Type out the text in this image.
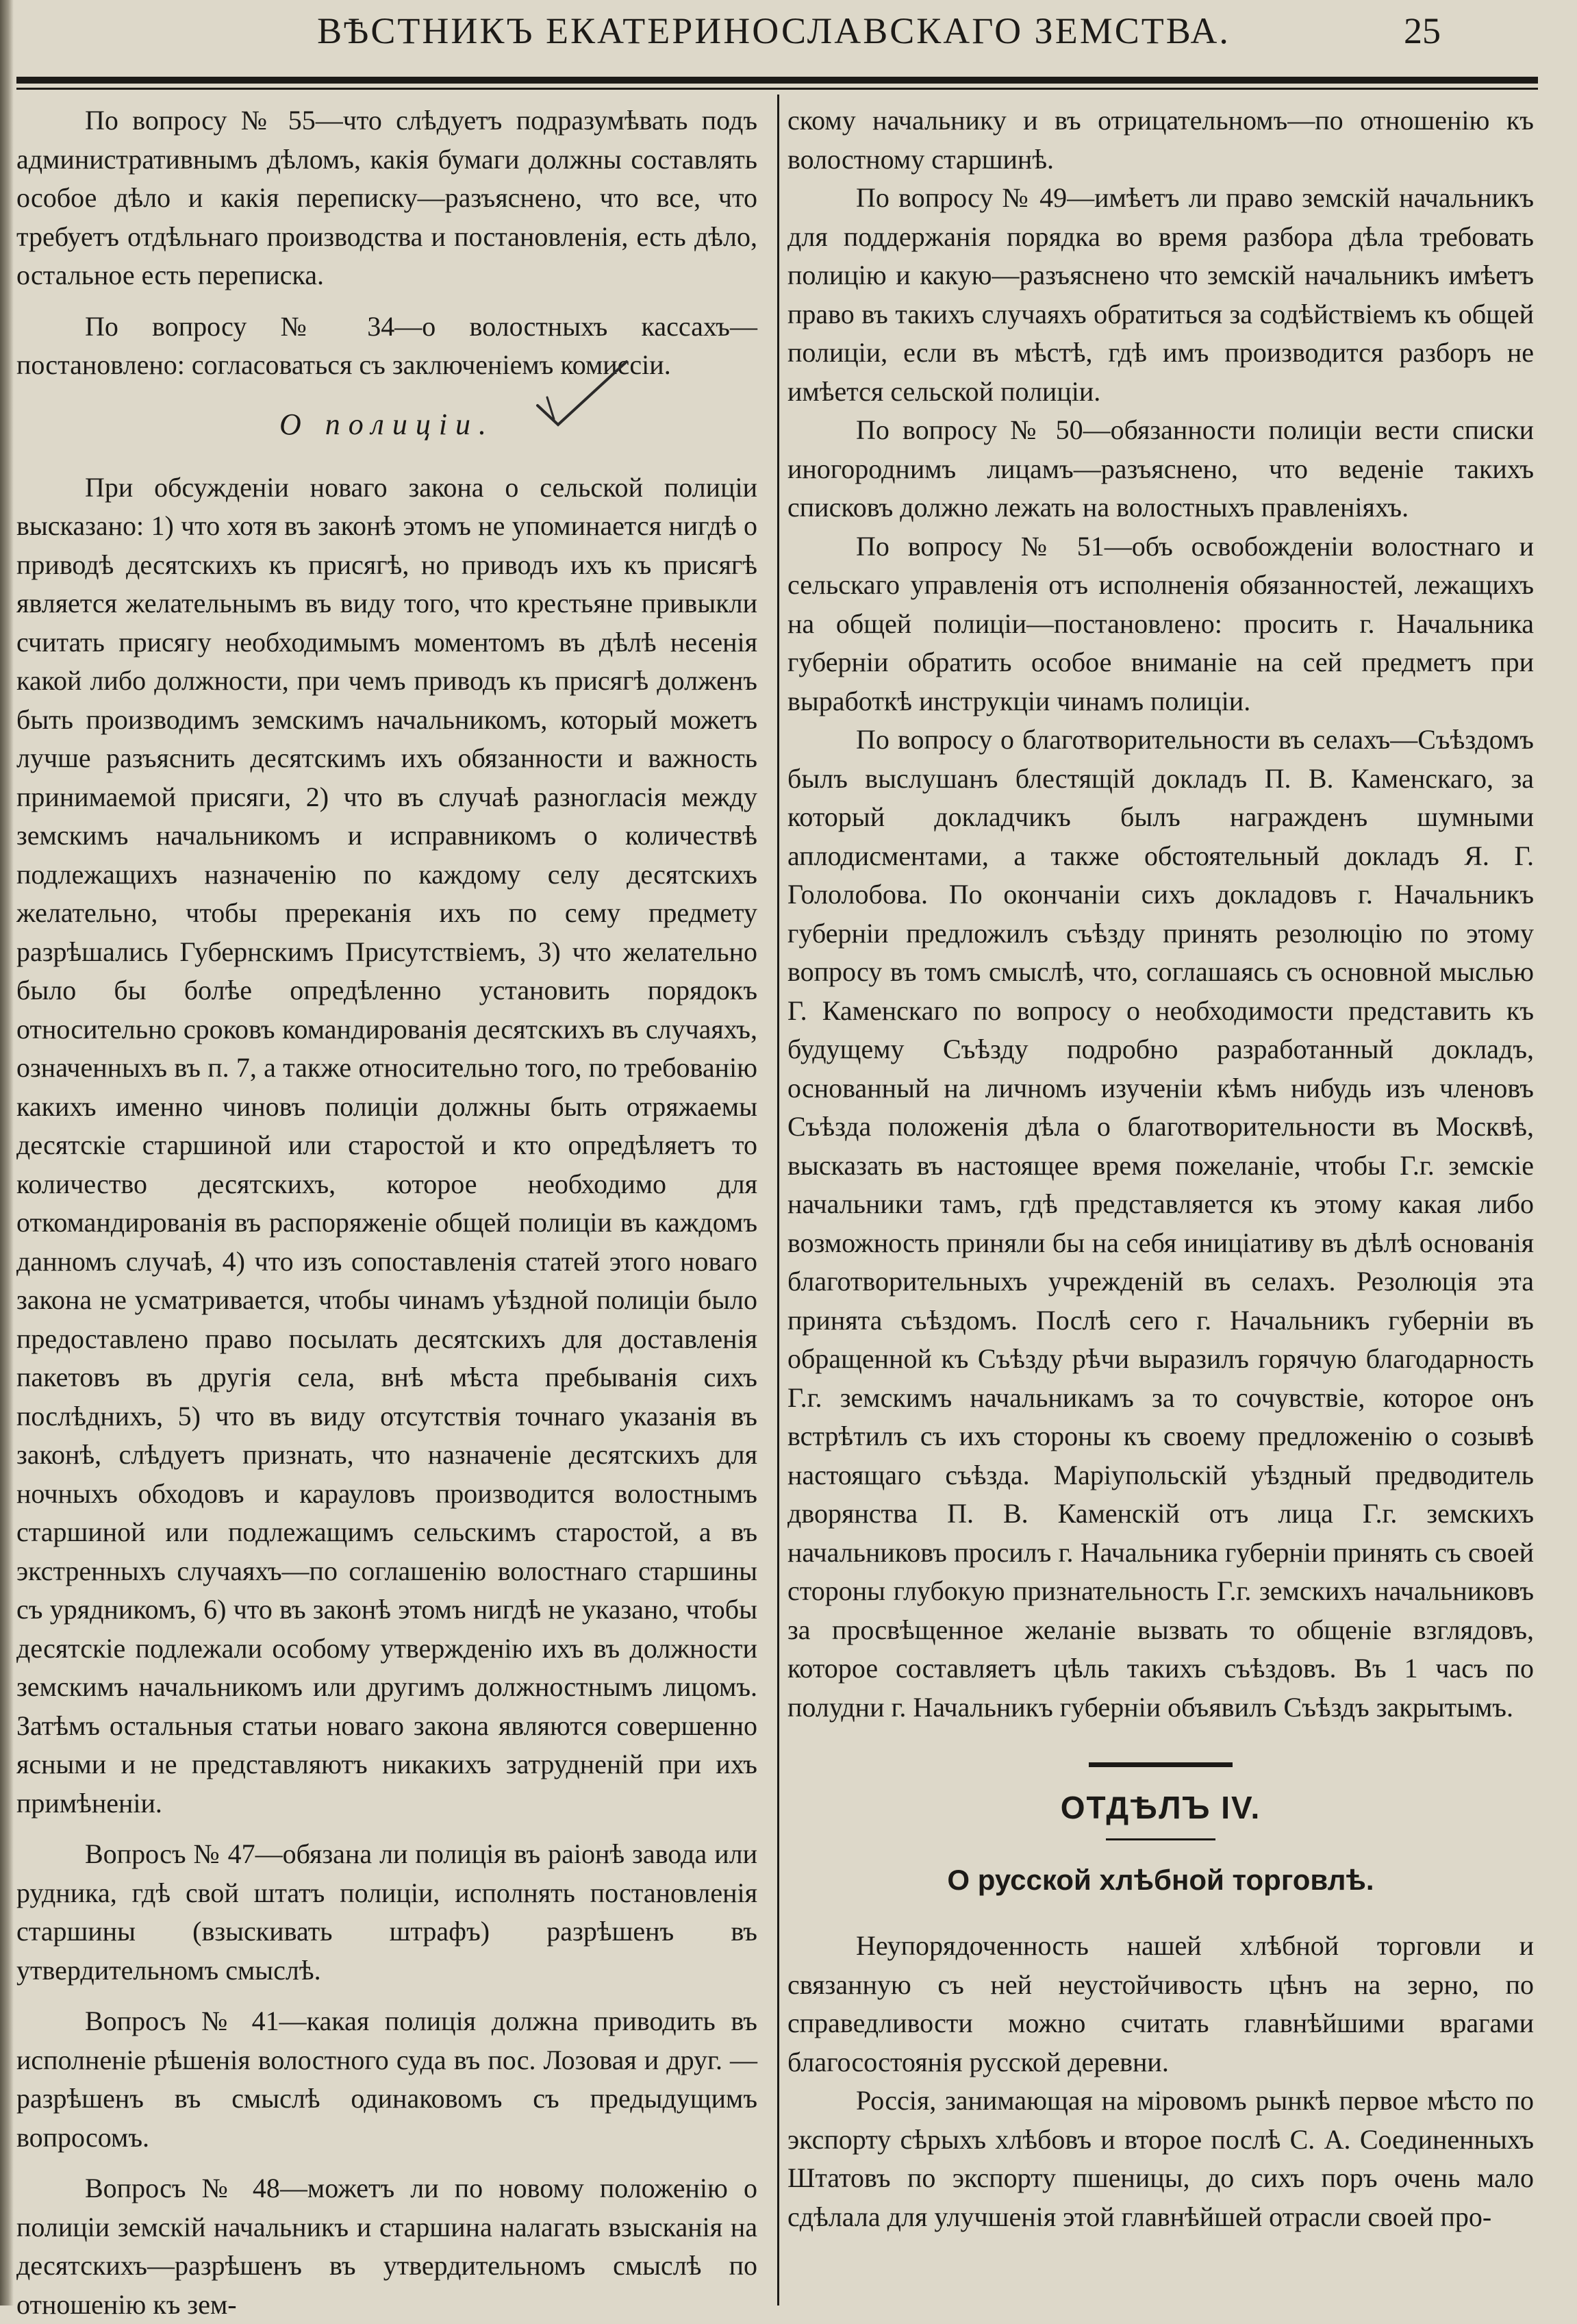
ВѢСТНИКЪ ЕКАТЕРИНОСЛАВСКАГО ЗЕМСТВА.	25

По вопросу № 55—что слѣдуетъ подразумѣвать подъ административнымъ дѣломъ, какія бумаги должны составлять особое дѣло и какія переписку—разъяснено, что все, что требуетъ отдѣльнаго производства и постановленія, есть дѣло, остальное есть переписка.

По вопросу № 34—о волостныхъ кассахъ—постановлено: согласоваться съ заключеніемъ комиссіи.

О полиціи.

При обсужденіи новаго закона о сельской полиціи высказано: 1) что хотя въ законѣ этомъ не упоминается нигдѣ о приводѣ десятскихъ къ присягѣ, но приводъ ихъ къ присягѣ является желательнымъ въ виду того, что крестьяне привыкли считать присягу необходимымъ моментомъ въ дѣлѣ несенія какой либо должности, при чемъ приводъ къ присягѣ долженъ быть производимъ земскимъ начальникомъ, который можетъ лучше разъяснить десятскимъ ихъ обязанности и важность принимаемой присяги, 2) что въ случаѣ разногласія между земскимъ начальникомъ и исправникомъ о количествѣ подлежащихъ назначенію по каждому селу десятскихъ желательно, чтобы пререканія ихъ по сему предмету разрѣшались Губернскимъ Присутствіемъ, 3) что желательно было бы болѣе опредѣленно установить порядокъ относительно сроковъ командированія десятскихъ въ случаяхъ, означенныхъ въ п. 7, а также относительно того, по требованію какихъ именно чиновъ полиціи должны быть отряжаемы десятскіе старшиной или старостой и кто опредѣляетъ то количество десятскихъ, которое необходимо для откомандированія въ распоряженіе общей полиціи въ каждомъ данномъ случаѣ, 4) что изъ сопоставленія статей этого новаго закона не усматривается, чтобы чинамъ уѣздной полиціи было предоставлено право посылать десятскихъ для доставленія пакетовъ въ другія села, внѣ мѣста пребыванія сихъ послѣднихъ, 5) что въ виду отсутствія точнаго указанія въ законѣ, слѣдуетъ признать, что назначеніе десятскихъ для ночныхъ обходовъ и карауловъ производится волостнымъ старшиной или подлежащимъ сельскимъ старостой, а въ экстренныхъ случаяхъ—по соглашенію волостнаго старшины съ урядникомъ, 6) что въ законѣ этомъ нигдѣ не указано, чтобы десятскіе подлежали особому утвержденію ихъ въ должности земскимъ начальникомъ или другимъ должностнымъ лицомъ. Затѣмъ остальныя статьи новаго закона являются совершенно ясными и не представляютъ никакихъ затрудненій при ихъ примѣненіи.

Вопросъ № 47—обязана ли полиція въ раіонѣ завода или рудника, гдѣ свой штатъ полиціи, исполнять постановленія старшины (взыскивать штрафъ) разрѣшенъ въ утвердительномъ смыслѣ.

Вопросъ № 41—какая полиція должна приводить въ исполненіе рѣшенія волостного суда въ пос. Лозовая и друг. —разрѣшенъ въ смыслѣ одинаковомъ съ предыдущимъ вопросомъ.

Вопросъ № 48—можетъ ли по новому положенію о полиціи земскій начальникъ и старшина налагать взысканія на десятскихъ—разрѣшенъ въ утвердительномъ смыслѣ по отношенію къ зем-

скому начальнику и въ отрицательномъ—по отношенію къ волостному старшинѣ.

По вопросу № 49—имѣетъ ли право земскій начальникъ для поддержанія порядка во время разбора дѣла требовать полицію и какую—разъяснено что земскій начальникъ имѣетъ право въ такихъ случаяхъ обратиться за содѣйствіемъ къ общей полиціи, если въ мѣстѣ, гдѣ имъ производится разборъ не имѣется сельской полиціи.

По вопросу № 50—обязанности полиціи вести списки иногороднимъ лицамъ—разъяснено, что веденіе такихъ списковъ должно лежать на волостныхъ правленіяхъ.

По вопросу № 51—объ освобожденіи волостнаго и сельскаго управленія отъ исполненія обязанностей, лежащихъ на общей полиціи—постановлено: просить г. Начальника губерніи обратить особое вниманіе на сей предметъ при выработкѣ инструкціи чинамъ полиціи.

По вопросу о благотворительности въ селахъ—Съѣздомъ былъ выслушанъ блестящій докладъ П. В. Каменскаго, за который докладчикъ былъ награжденъ шумными аплодисментами, а также обстоятельный докладъ Я. Г. Гололобова. По окончаніи сихъ докладовъ г. Начальникъ губерніи предложилъ съѣзду принять резолюцію по этому вопросу въ томъ смыслѣ, что, соглашаясь съ основной мыслью Г. Каменскаго по вопросу о необходимости представить къ будущему Съѣзду подробно разработанный докладъ, основанный на личномъ изученіи кѣмъ нибудь изъ членовъ Съѣзда положенія дѣла о благотворительности въ Москвѣ, высказать въ настоящее время пожеланіе, чтобы Г.г. земскіе начальники тамъ, гдѣ представляется къ этому какая либо возможность приняли бы на себя иниціативу въ дѣлѣ основанія благотворительныхъ учрежденій въ селахъ. Резолюція эта принята съѣздомъ. Послѣ сего г. Начальникъ губерніи въ обращенной къ Съѣзду рѣчи выразилъ горячую благодарность Г.г. земскимъ начальникамъ за то сочувствіе, которое онъ встрѣтилъ съ ихъ стороны къ своему предложенію о созывѣ настоящаго съѣзда. Маріупольскій уѣздный предводитель дворянства П. В. Каменскій отъ лица Г.г. земскихъ начальниковъ просилъ г. Начальника губерніи принять съ своей стороны глубокую признательность Г.г. земскихъ начальниковъ за просвѣщенное желаніе вызвать то общеніе взглядовъ, которое составляетъ цѣль такихъ съѣздовъ. Въ 1 часъ по полудни г. Начальникъ губерніи объявилъ Съѣздъ закрытымъ.

ОТДѢЛЪ IV.
О русской хлѣбной торговлѣ.

Неупорядоченность нашей хлѣбной торговли и связанную съ ней неустойчивость цѣнъ на зерно, по справедливости можно считать главнѣйшими врагами благосостоянія русской деревни.

Россія, занимающая на міровомъ рынкѣ первое мѣсто по экспорту сѣрыхъ хлѣбовъ и второе послѣ С. А. Соединенныхъ Штатовъ по экспорту пшеницы, до сихъ поръ очень мало сдѣлала для улучшенія этой главнѣйшей отрасли своей про-
